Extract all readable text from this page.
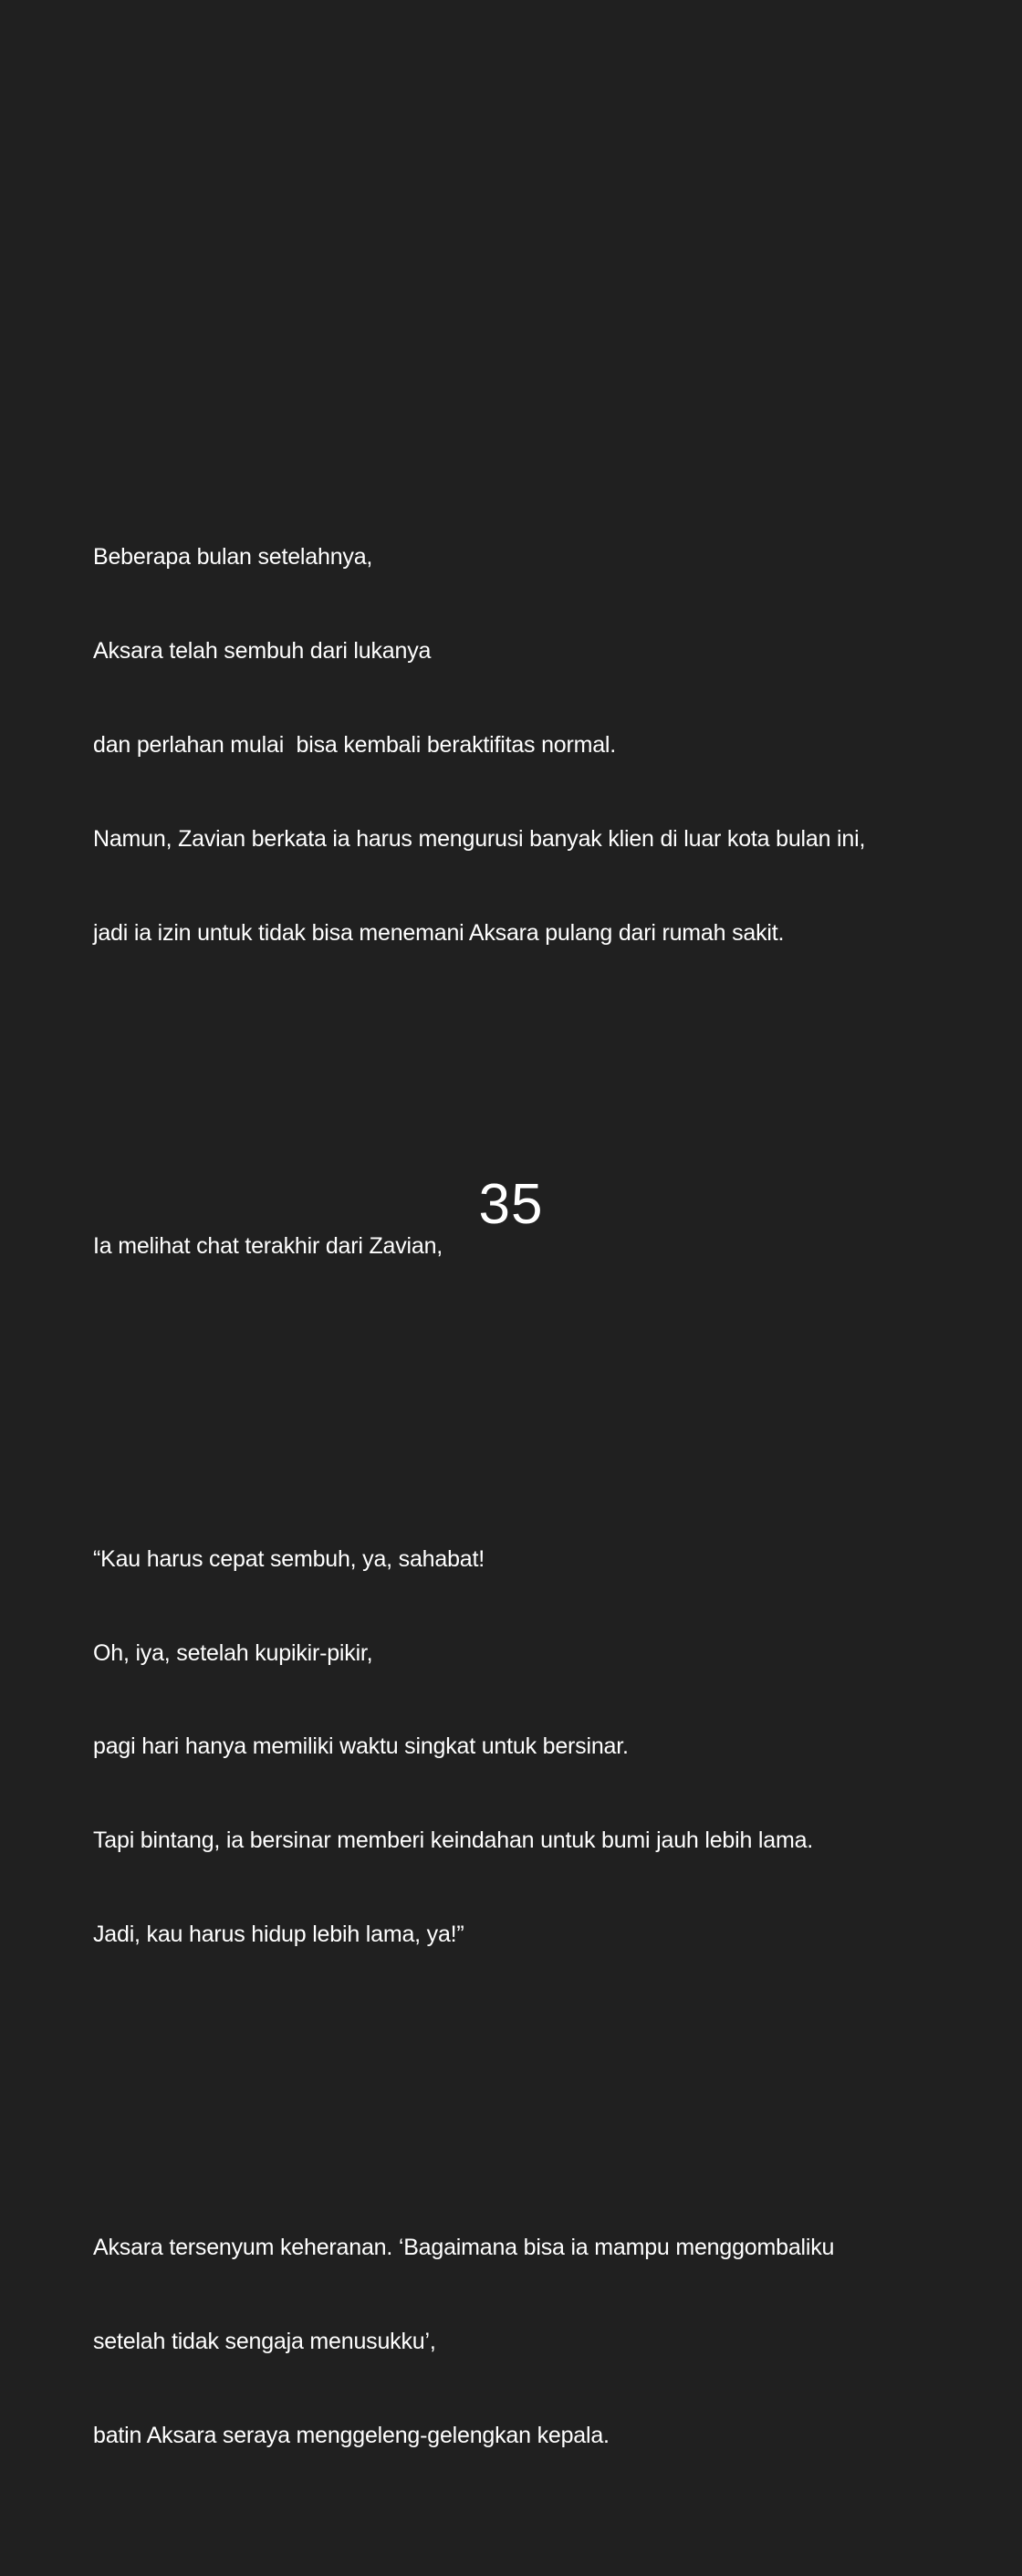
Beberapa bulan setelahnya,

Aksara telah sembuh dari lukanya

dan perlahan mulai  bisa kembali beraktifitas normal.

Namun, Zavian berkata ia harus mengurusi banyak klien di luar kota bulan ini,

jadi ia izin untuk tidak bisa menemani Aksara pulang dari rumah sakit.

Ia melihat chat terakhir dari Zavian,

“Kau harus cepat sembuh, ya, sahabat!

Oh, iya, setelah kupikir-pikir,

pagi hari hanya memiliki waktu singkat untuk bersinar.

Tapi bintang, ia bersinar memberi keindahan untuk bumi jauh lebih lama.

Jadi, kau harus hidup lebih lama, ya!”

Aksara tersenyum keheranan. ‘Bagaimana bisa ia mampu menggombaliku

setelah tidak sengaja menusukku’,

batin Aksara seraya menggeleng-gelengkan kepala.

35
